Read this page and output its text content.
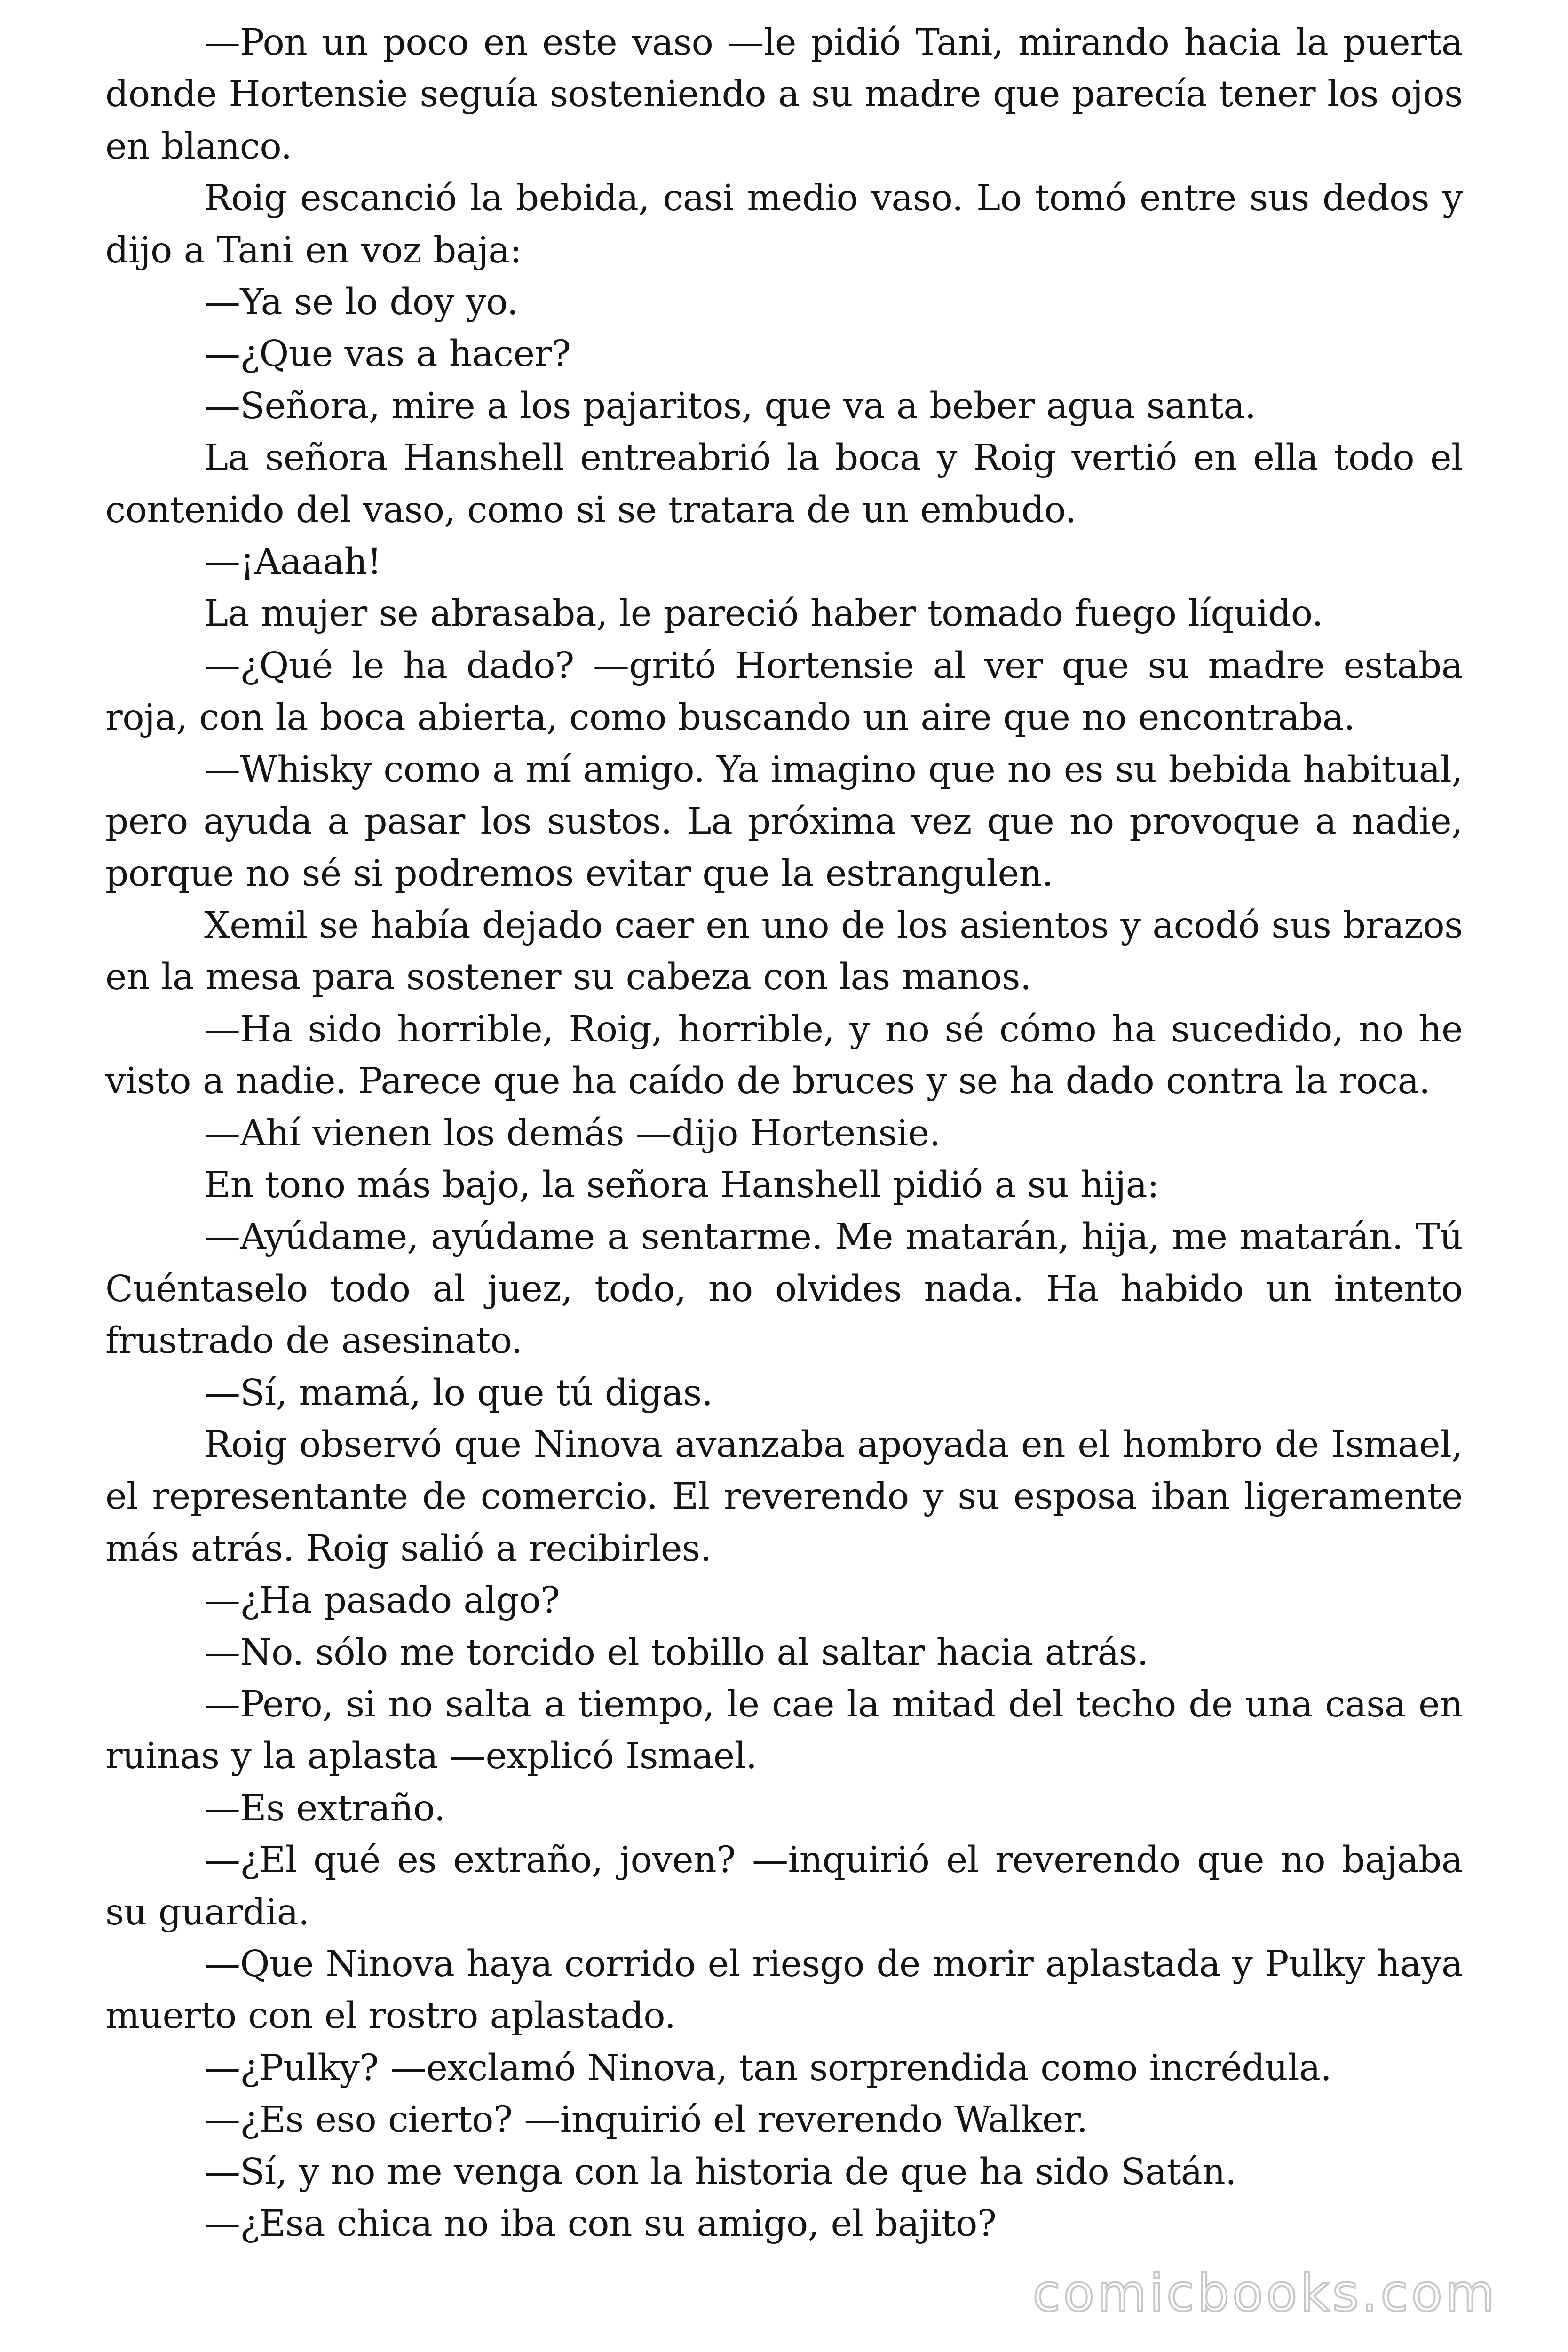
—Pon un poco en este vaso —le pidió Tani, mirando hacia la puerta donde Hortensie seguía sosteniendo a su madre que parecía tener los ojos en blanco.

Roig escanció la bebida, casi medio vaso. Lo tomó entre sus dedos y dijo a Tani en voz baja:

—Ya se lo doy yo.

—¿Que vas a hacer?

—Señora, mire a los pajaritos, que va a beber agua santa.

La señora Hanshell entreabrió la boca y Roig vertió en ella todo el contenido del vaso, como si se tratara de un embudo.

—¡Aaaah!

La mujer se abrasaba, le pareció haber tomado fuego líquido.

—¿Qué le ha dado? —gritó Hortensie al ver que su madre estaba roja, con la boca abierta, como buscando un aire que no encontraba.

—Whisky como a mí amigo. Ya imagino que no es su bebida habitual, pero ayuda a pasar los sustos. La próxima vez que no provoque a nadie, porque no sé si podremos evitar que la estrangulen.

Xemil se había dejado caer en uno de los asientos y acodó sus brazos en la mesa para sostener su cabeza con las manos.

—Ha sido horrible, Roig, horrible, y no sé cómo ha sucedido, no he visto a nadie. Parece que ha caído de bruces y se ha dado contra la roca.

—Ahí vienen los demás —dijo Hortensie.

En tono más bajo, la señora Hanshell pidió a su hija:

—Ayúdame, ayúdame a sentarme. Me matarán, hija, me matarán. Tú Cuéntaselo todo al juez, todo, no olvides nada. Ha habido un intento frustrado de asesinato.

—Sí, mamá, lo que tú digas.

Roig observó que Ninova avanzaba apoyada en el hombro de Ismael, el representante de comercio. El reverendo y su esposa iban ligeramente más atrás. Roig salió a recibirles.

—¿Ha pasado algo?

—No. sólo me torcido el tobillo al saltar hacia atrás.

—Pero, si no salta a tiempo, le cae la mitad del techo de una casa en ruinas y la aplasta —explicó Ismael.

—Es extraño.

—¿El qué es extraño, joven? —inquirió el reverendo que no bajaba su guardia.

—Que Ninova haya corrido el riesgo de morir aplastada y Pulky haya muerto con el rostro aplastado.

—¿Pulky? —exclamó Ninova, tan sorprendida como incrédula.

—¿Es eso cierto? —inquirió el reverendo Walker.

—Sí, y no me venga con la historia de que ha sido Satán.

—¿Esa chica no iba con su amigo, el bajito?

comicbooks.com
